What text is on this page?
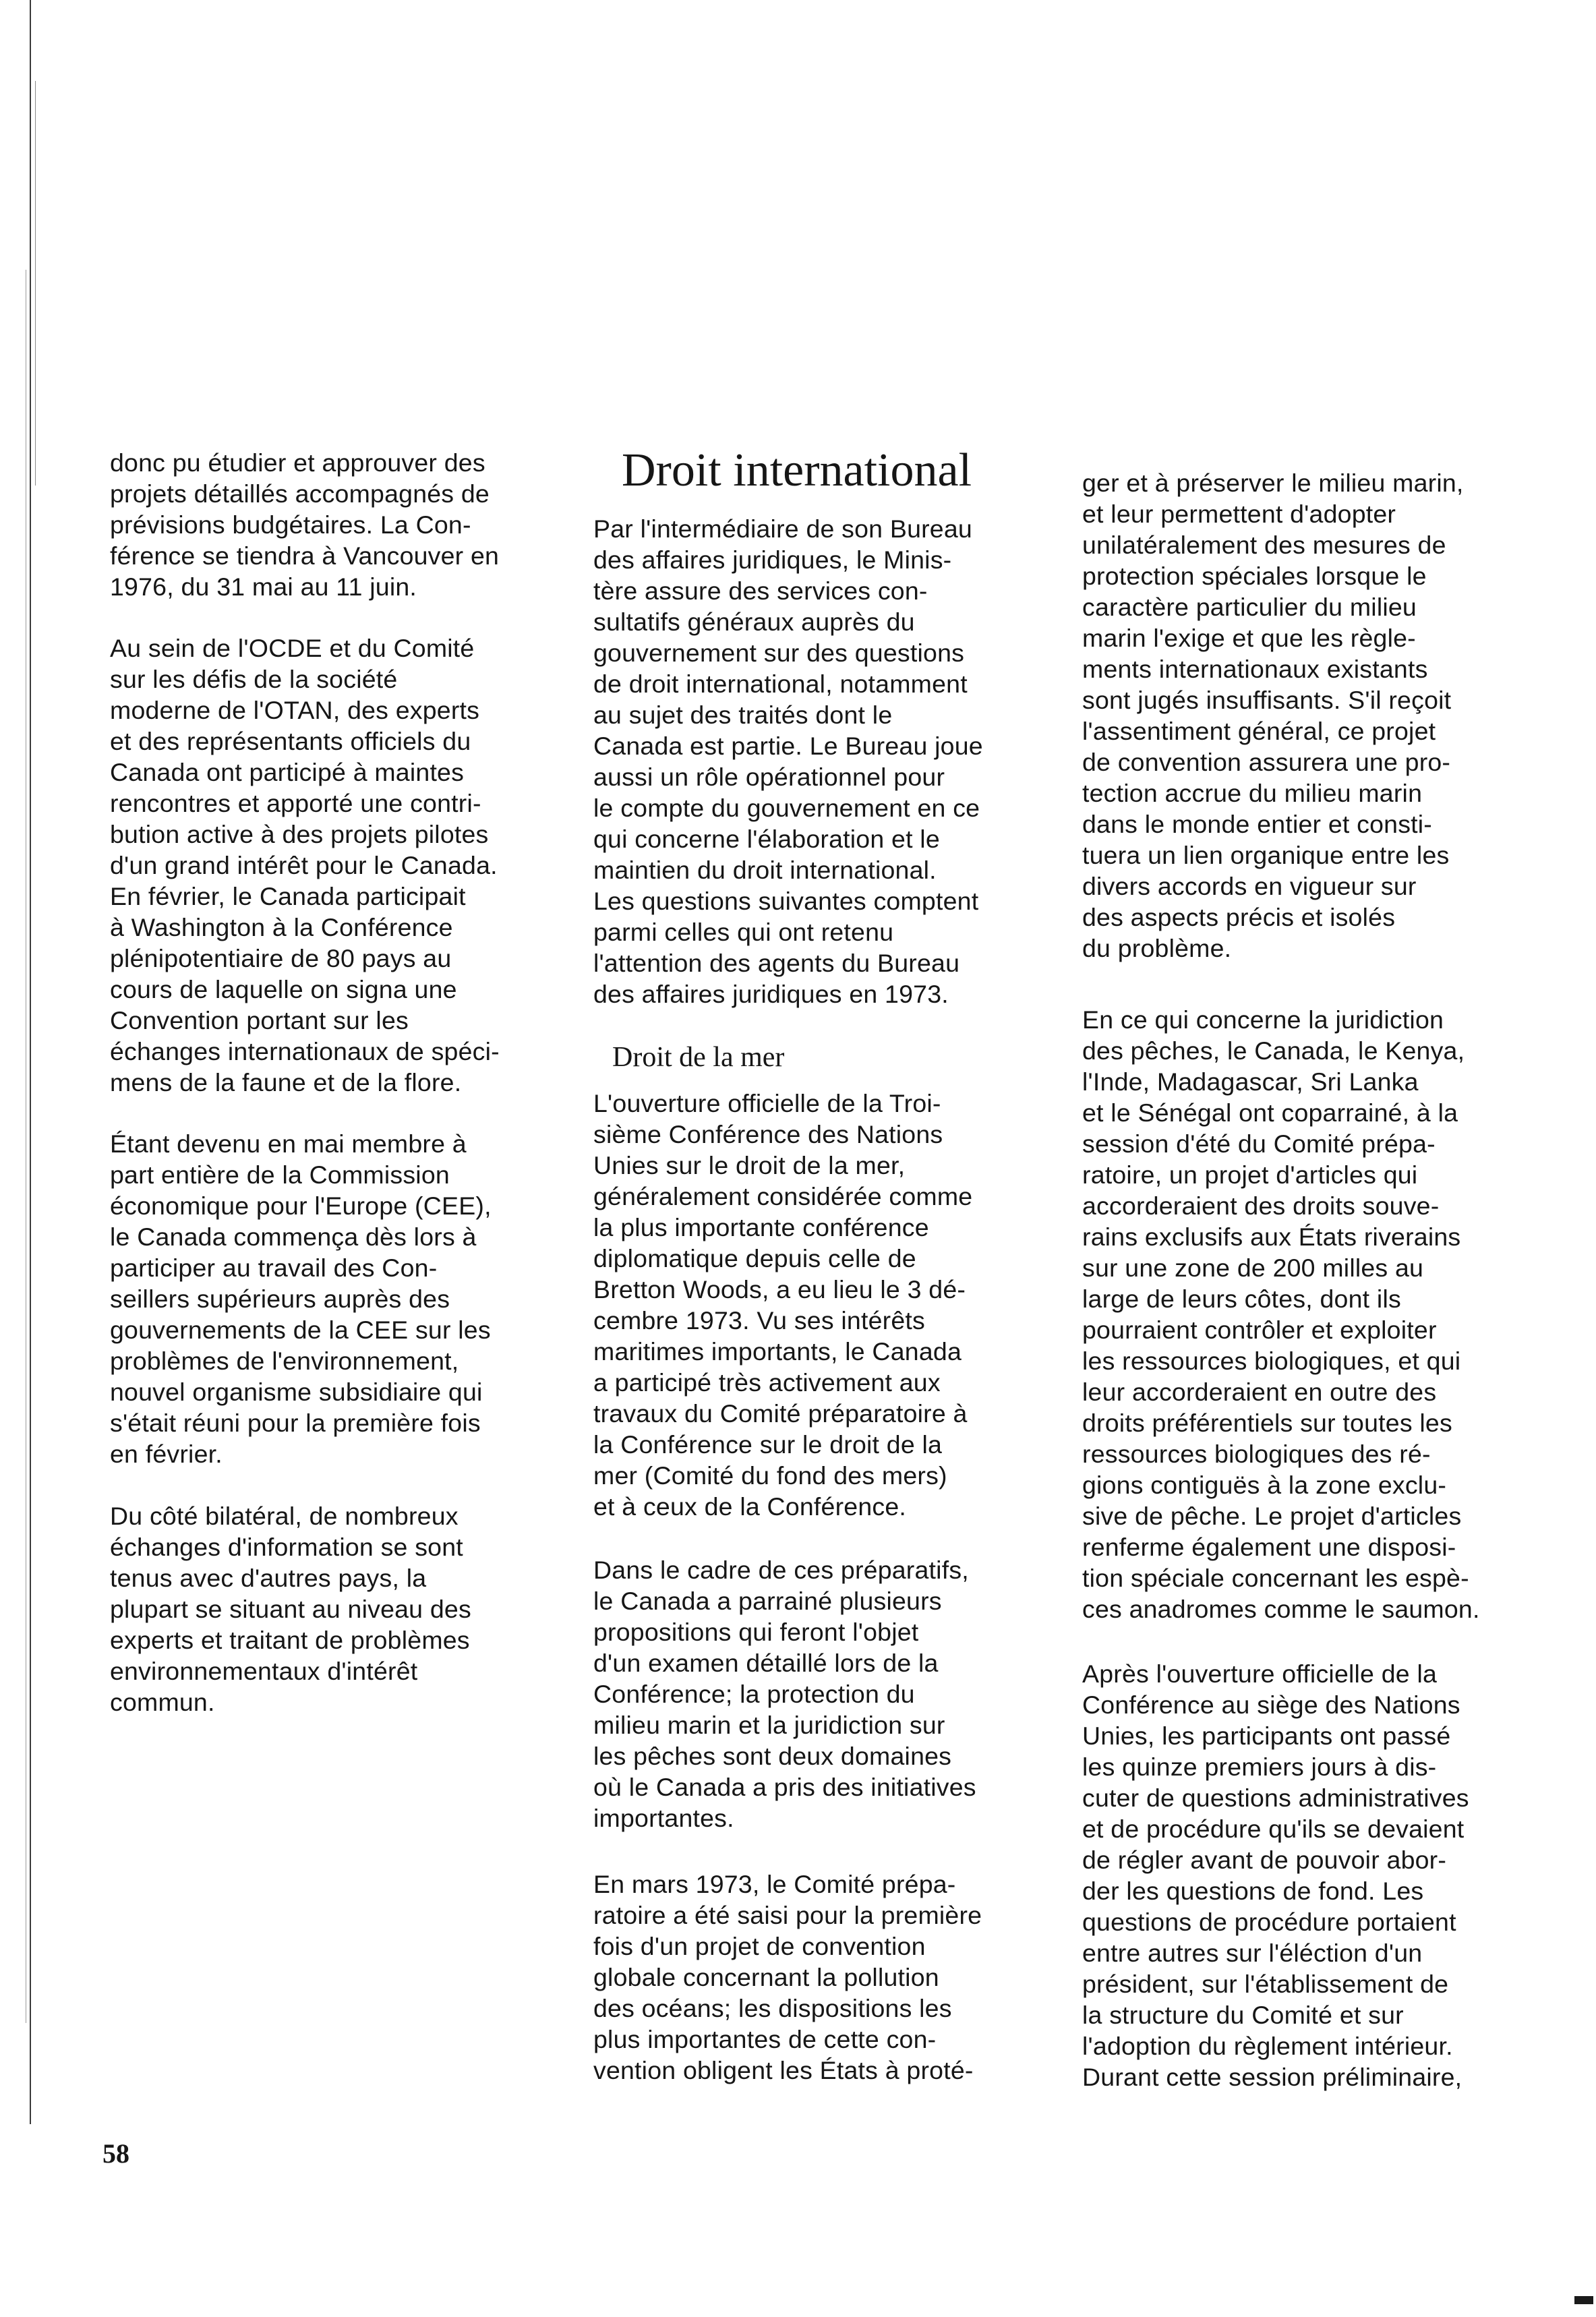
donc pu étudier et approuver des
projets détaillés accompagnés de
prévisions budgétaires. La Con-
férence se tiendra à Vancouver en
1976, du 31 mai au 11 juin.

Au sein de l'OCDE et du Comité
sur les défis de la société
moderne de l'OTAN, des experts
et des représentants officiels du
Canada ont participé à maintes
rencontres et apporté une contri-
bution active à des projets pilotes
d'un grand intérêt pour le Canada.
En février, le Canada participait
à Washington à la Conférence
plénipotentiaire de 80 pays au
cours de laquelle on signa une
Convention portant sur les
échanges internationaux de spéci-
mens de la faune et de la flore.

Étant devenu en mai membre à
part entière de la Commission
économique pour l'Europe (CEE),
le Canada commença dès lors à
participer au travail des Con-
seillers supérieurs auprès des
gouvernements de la CEE sur les
problèmes de l'environnement,
nouvel organisme subsidiaire qui
s'était réuni pour la première fois
en février.

Du côté bilatéral, de nombreux
échanges d'information se sont
tenus avec d'autres pays, la
plupart se situant au niveau des
experts et traitant de problèmes
environnementaux d'intérêt
commun.

Droit international

Par l'intermédiaire de son Bureau
des affaires juridiques, le Minis-
tère assure des services con-
sultatifs généraux auprès du
gouvernement sur des questions
de droit international, notamment
au sujet des traités dont le
Canada est partie. Le Bureau joue
aussi un rôle opérationnel pour
le compte du gouvernement en ce
qui concerne l'élaboration et le
maintien du droit international.
Les questions suivantes comptent
parmi celles qui ont retenu
l'attention des agents du Bureau
des affaires juridiques en 1973.

Droit de la mer

L'ouverture officielle de la Troi-
sième Conférence des Nations
Unies sur le droit de la mer,
généralement considérée comme
la plus importante conférence
diplomatique depuis celle de
Bretton Woods, a eu lieu le 3 dé-
cembre 1973. Vu ses intérêts
maritimes importants, le Canada
a participé très activement aux
travaux du Comité préparatoire à
la Conférence sur le droit de la
mer (Comité du fond des mers)
et à ceux de la Conférence.

Dans le cadre de ces préparatifs,
le Canada a parrainé plusieurs
propositions qui feront l'objet
d'un examen détaillé lors de la
Conférence; la protection du
milieu marin et la juridiction sur
les pêches sont deux domaines
où le Canada a pris des initiatives
importantes.

En mars 1973, le Comité prépa-
ratoire a été saisi pour la première
fois d'un projet de convention
globale concernant la pollution
des océans; les dispositions les
plus importantes de cette con-
vention obligent les États à proté-

ger et à préserver le milieu marin,
et leur permettent d'adopter
unilatéralement des mesures de
protection spéciales lorsque le
caractère particulier du milieu
marin l'exige et que les règle-
ments internationaux existants
sont jugés insuffisants. S'il reçoit
l'assentiment général, ce projet
de convention assurera une pro-
tection accrue du milieu marin
dans le monde entier et consti-
tuera un lien organique entre les
divers accords en vigueur sur
des aspects précis et isolés
du problème.

En ce qui concerne la juridiction
des pêches, le Canada, le Kenya,
l'Inde, Madagascar, Sri Lanka
et le Sénégal ont coparrainé, à la
session d'été du Comité prépa-
ratoire, un projet d'articles qui
accorderaient des droits souve-
rains exclusifs aux États riverains
sur une zone de 200 milles au
large de leurs côtes, dont ils
pourraient contrôler et exploiter
les ressources biologiques, et qui
leur accorderaient en outre des
droits préférentiels sur toutes les
ressources biologiques des ré-
gions contiguës à la zone exclu-
sive de pêche. Le projet d'articles
renferme également une disposi-
tion spéciale concernant les espè-
ces anadromes comme le saumon.

Après l'ouverture officielle de la
Conférence au siège des Nations
Unies, les participants ont passé
les quinze premiers jours à dis-
cuter de questions administratives
et de procédure qu'ils se devaient
de régler avant de pouvoir abor-
der les questions de fond. Les
questions de procédure portaient
entre autres sur l'éléction d'un
président, sur l'établissement de
la structure du Comité et sur
l'adoption du règlement intérieur.
Durant cette session préliminaire,

58
